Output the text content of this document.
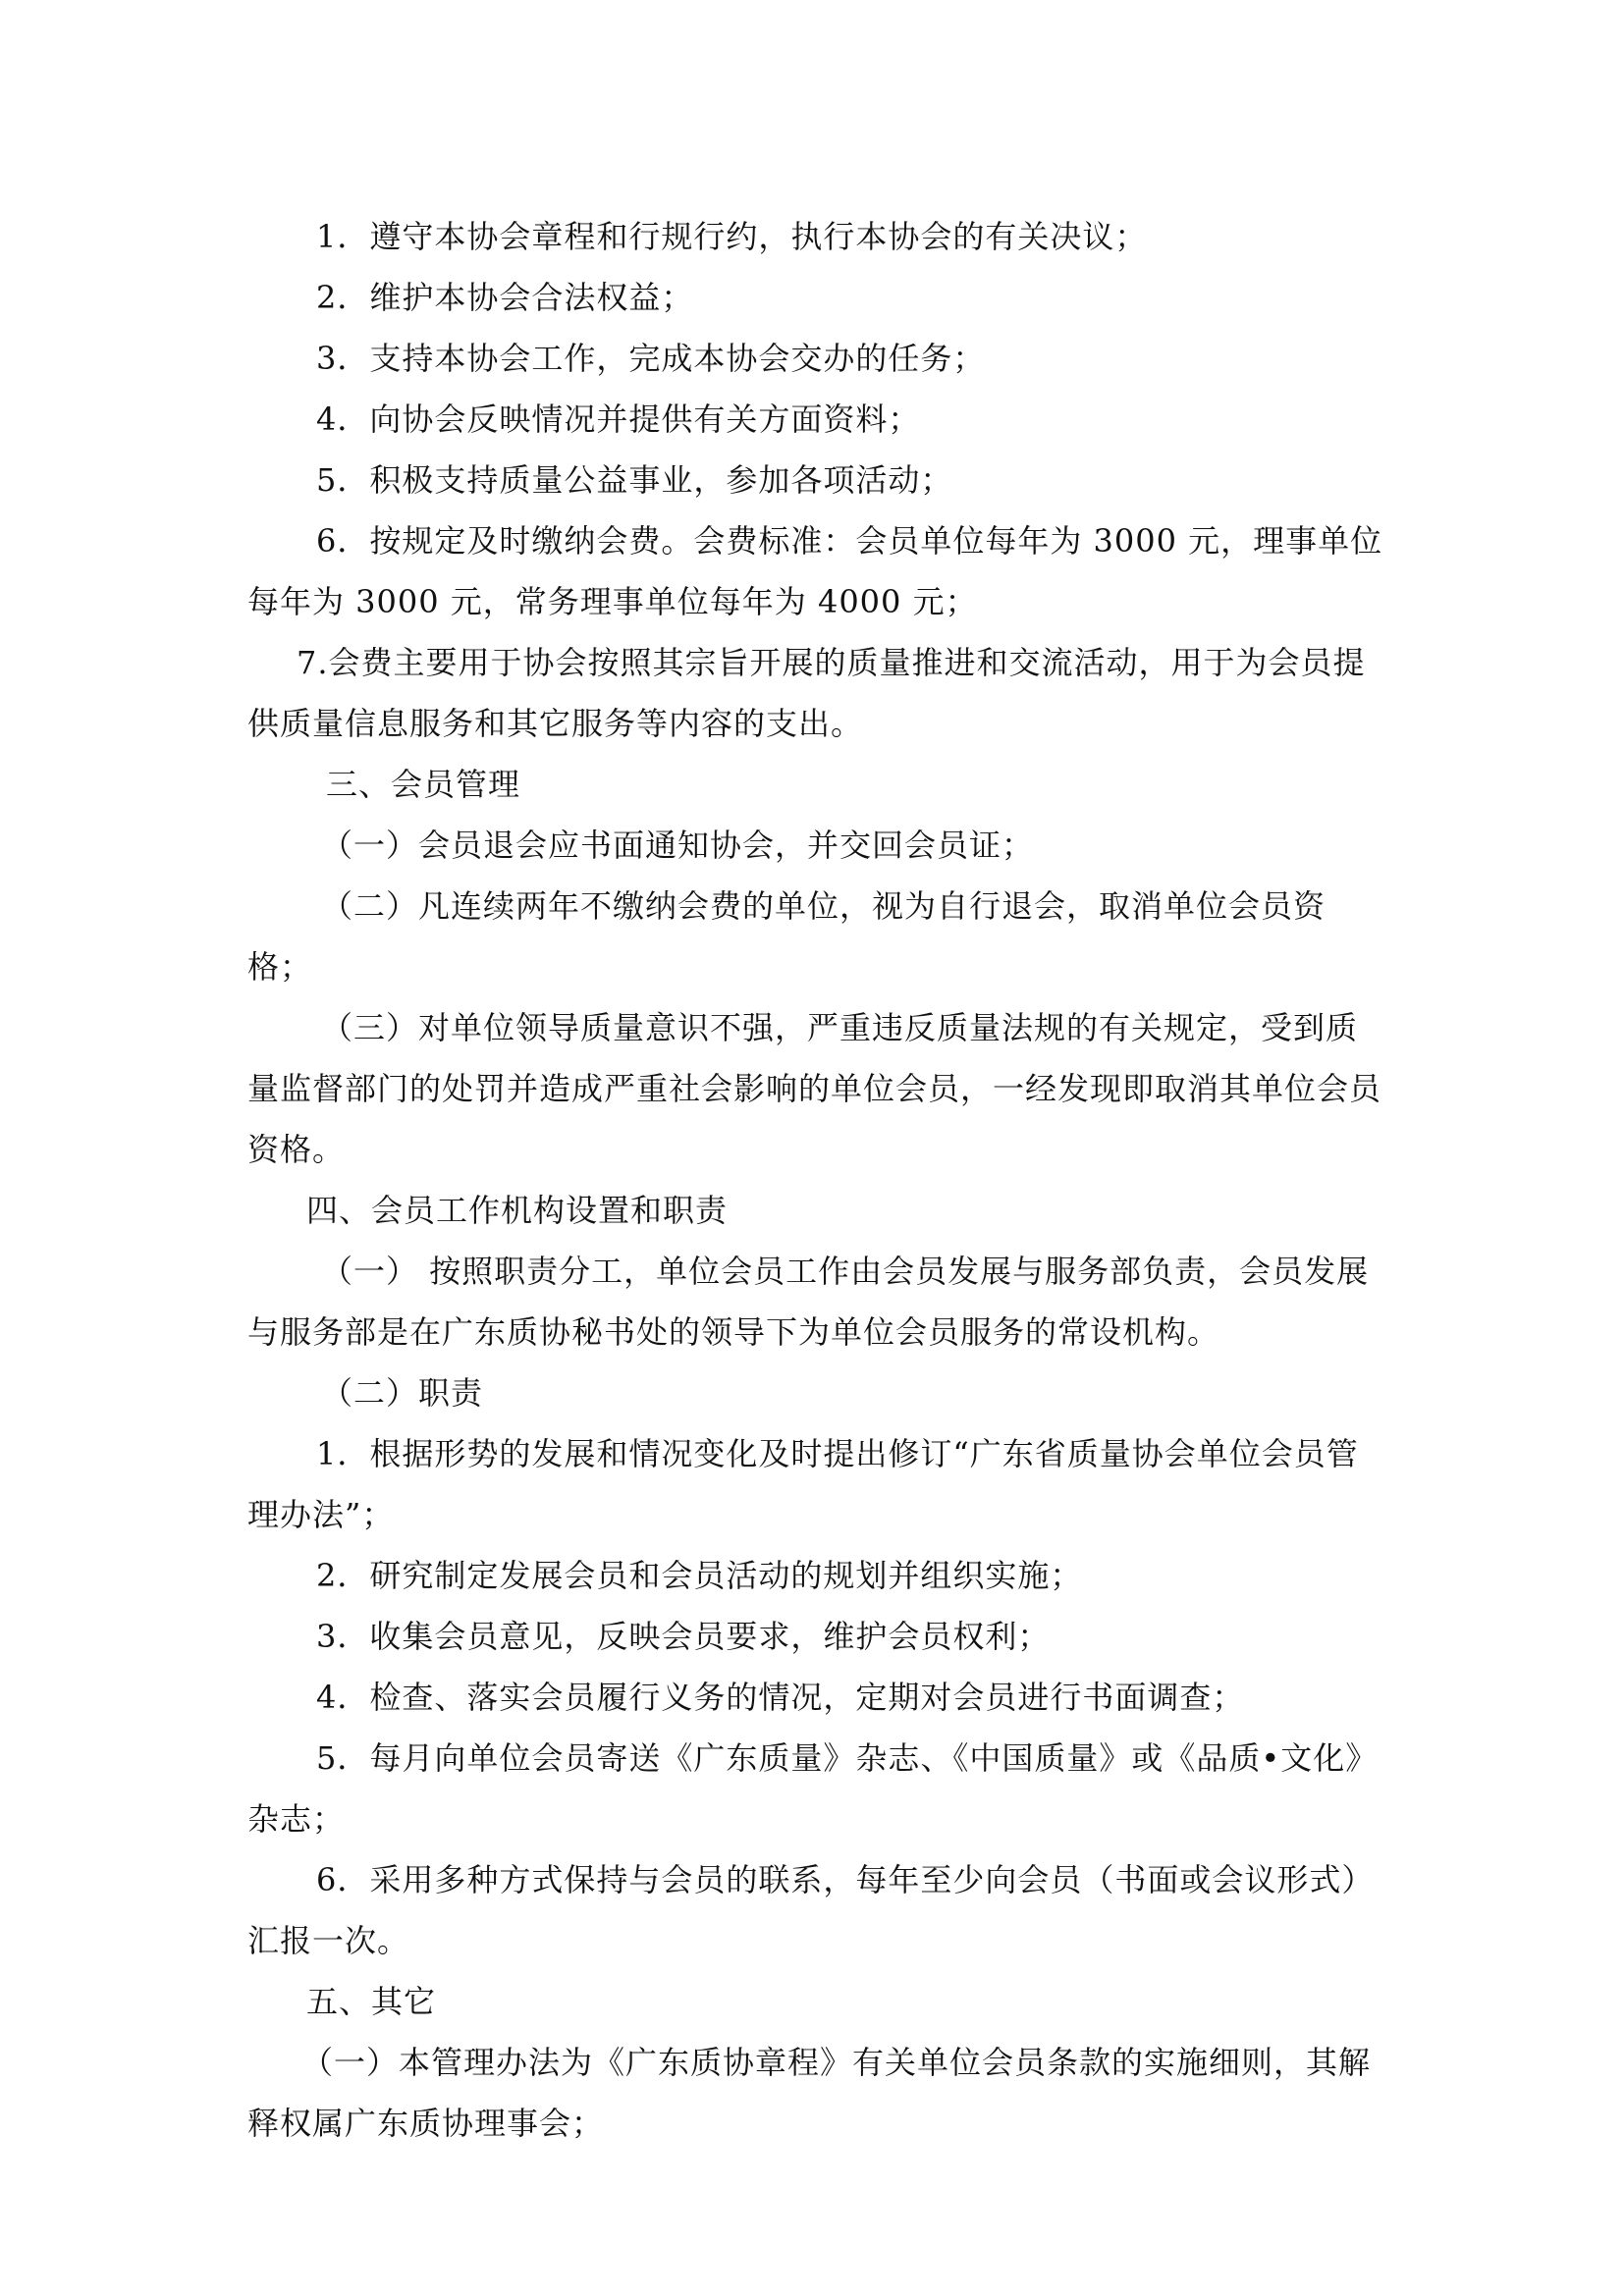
1．遵守本协会章程和行规行约，执行本协会的有关决议；

2．维护本协会合法权益；

3．支持本协会工作，完成本协会交办的任务；

4．向协会反映情况并提供有关方面资料；

5．积极支持质量公益事业，参加各项活动；

6．按规定及时缴纳会费。会费标准：会员单位每年为 3000 元，理事单位每年为 3000 元，常务理事单位每年为 4000 元；

7.会费主要用于协会按照其宗旨开展的质量推进和交流活动，用于为会员提供质量信息服务和其它服务等内容的支出。

三、会员管理

（一）会员退会应书面通知协会，并交回会员证；

（二）凡连续两年不缴纳会费的单位，视为自行退会，取消单位会员资格；

（三）对单位领导质量意识不强，严重违反质量法规的有关规定，受到质量监督部门的处罚并造成严重社会影响的单位会员，一经发现即取消其单位会员资格。

四、会员工作机构设置和职责

（一） 按照职责分工，单位会员工作由会员发展与服务部负责，会员发展与服务部是在广东质协秘书处的领导下为单位会员服务的常设机构。

（二）职责

1．根据形势的发展和情况变化及时提出修订“广东省质量协会单位会员管理办法”；

2．研究制定发展会员和会员活动的规划并组织实施；

3．收集会员意见，反映会员要求，维护会员权利；

4．检查、落实会员履行义务的情况，定期对会员进行书面调查；

5．每月向单位会员寄送《广东质量》杂志、《中国质量》或《品质•文化》杂志；

6．采用多种方式保持与会员的联系，每年至少向会员（书面或会议形式）汇报一次。

五、其它

（一）本管理办法为《广东质协章程》有关单位会员条款的实施细则，其解释权属广东质协理事会；
